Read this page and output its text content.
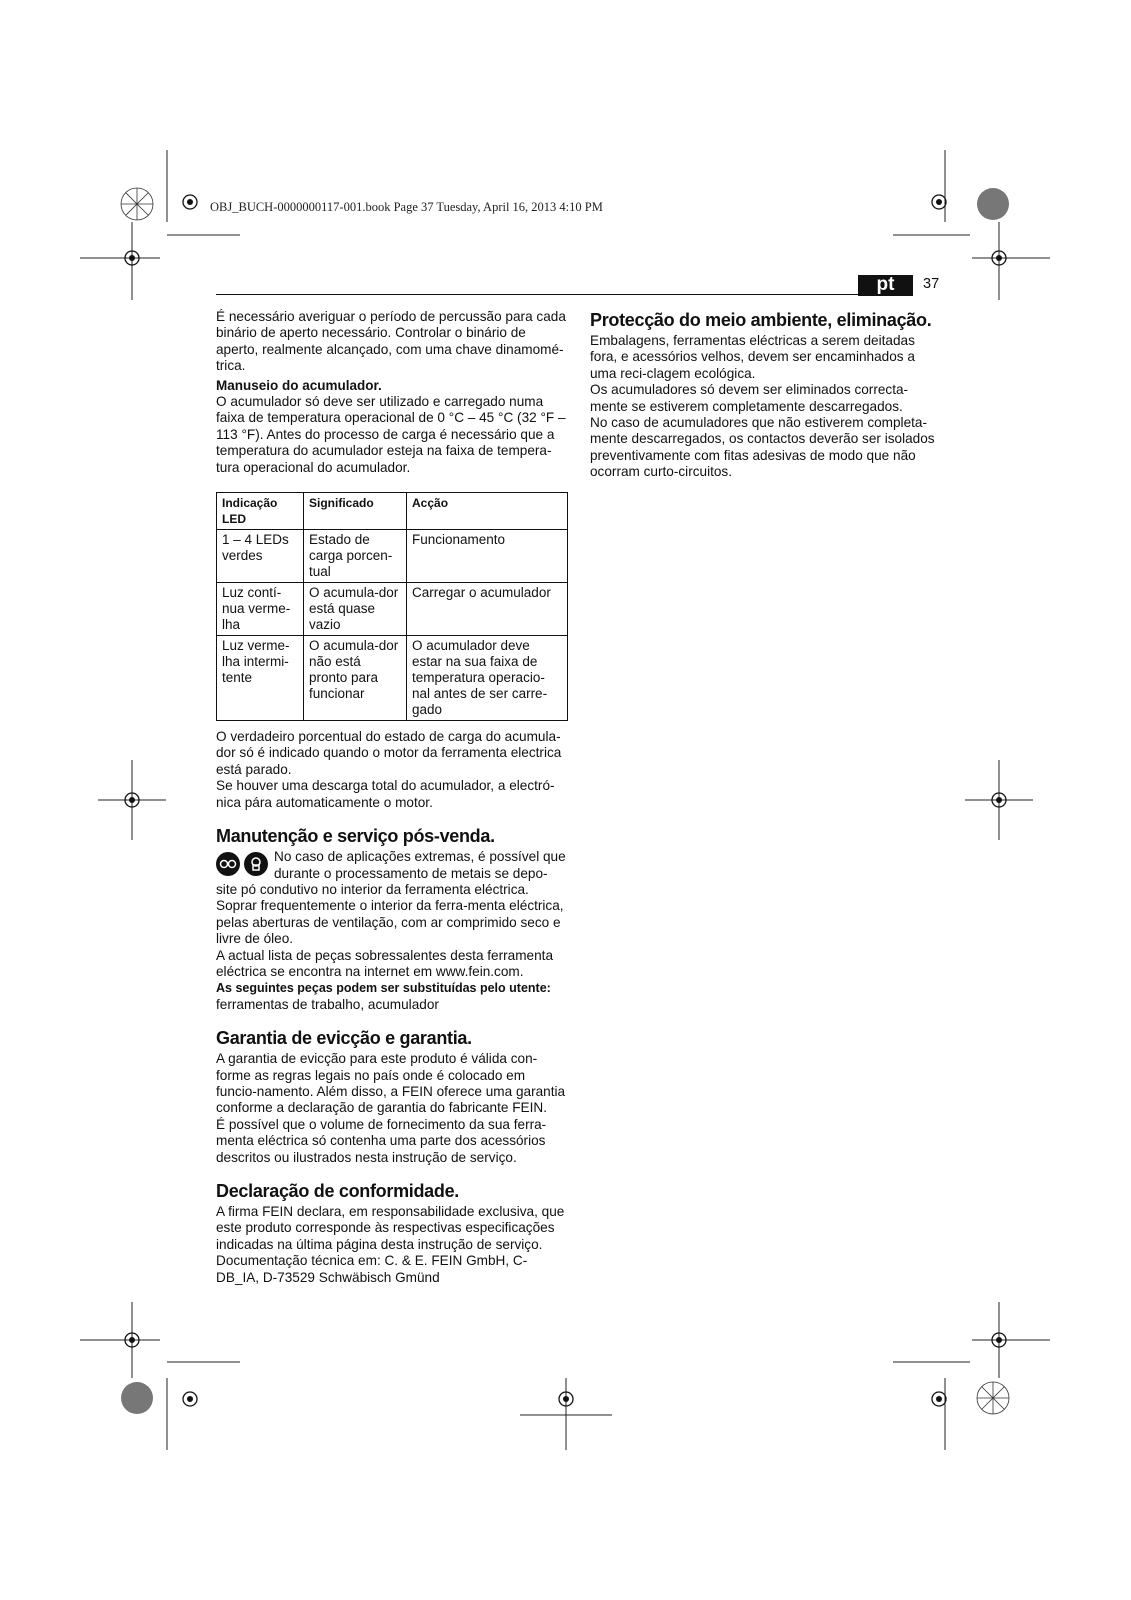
OBJ_BUCH-0000000117-001.book Page 37 Tuesday, April 16, 2013 4:10 PM
pt	37

É necessário averiguar o período de percussão para cada binário de aperto necessário. Controlar o binário de aperto, realmente alcançado, com uma chave dinamomé-trica.

Manuseio do acumulador.

O acumulador só deve ser utilizado e carregado numa faixa de temperatura operacional de 0 °C – 45 °C (32 °F – 113 °F). Antes do processo de carga é necessário que a temperatura do acumulador esteja na faixa de tempera-tura operacional do acumulador.

Indicação LED	Significado	Acção
1 – 4 LEDs verdes	Estado de carga porcen-tual	Funcionamento
Luz contí-nua verme-lha	O acumula-dor está quase vazio	Carregar o acumulador
Luz verme-lha intermi-tente	O acumula-dor não está pronto para funcionar	O acumulador deve estar na sua faixa de temperatura operacio-nal antes de ser carre-gado

O verdadeiro porcentual do estado de carga do acumula-dor só é indicado quando o motor da ferramenta electrica está parado.

Se houver uma descarga total do acumulador, a electró-nica pára automaticamente o motor.

Manutenção e serviço pós-venda.

No caso de aplicações extremas, é possível que durante o processamento de metais se depo-site pó condutivo no interior da ferramenta eléctrica. Soprar frequentemente o interior da ferra-menta eléctrica, pelas aberturas de ventilação, com ar comprimido seco e livre de óleo.

A actual lista de peças sobressalentes desta ferramenta eléctrica se encontra na internet em www.fein.com.

As seguintes peças podem ser substituídas pelo utente:

ferramentas de trabalho, acumulador

Garantia de evicção e garantia.

A garantia de evicção para este produto é válida con-forme as regras legais no país onde é colocado em funcio-namento. Além disso, a FEIN oferece uma garantia conforme a declaração de garantia do fabricante FEIN.

É possível que o volume de fornecimento da sua ferra-menta eléctrica só contenha uma parte dos acessórios descritos ou ilustrados nesta instrução de serviço.

Declaração de conformidade.

A firma FEIN declara, em responsabilidade exclusiva, que este produto corresponde às respectivas especificações indicadas na última página desta instrução de serviço.

Documentação técnica em: C. & E. FEIN GmbH, C-DB_IA, D-73529 Schwäbisch Gmünd

Protecção do meio ambiente, eliminação.

Embalagens, ferramentas eléctricas a serem deitadas fora, e acessórios velhos, devem ser encaminhados a uma reci-clagem ecológica.

Os acumuladores só devem ser eliminados correcta-mente se estiverem completamente descarregados.

No caso de acumuladores que não estiverem completa-mente descarregados, os contactos deverão ser isolados preventivamente com fitas adesivas de modo que não ocorram curto-circuitos.
